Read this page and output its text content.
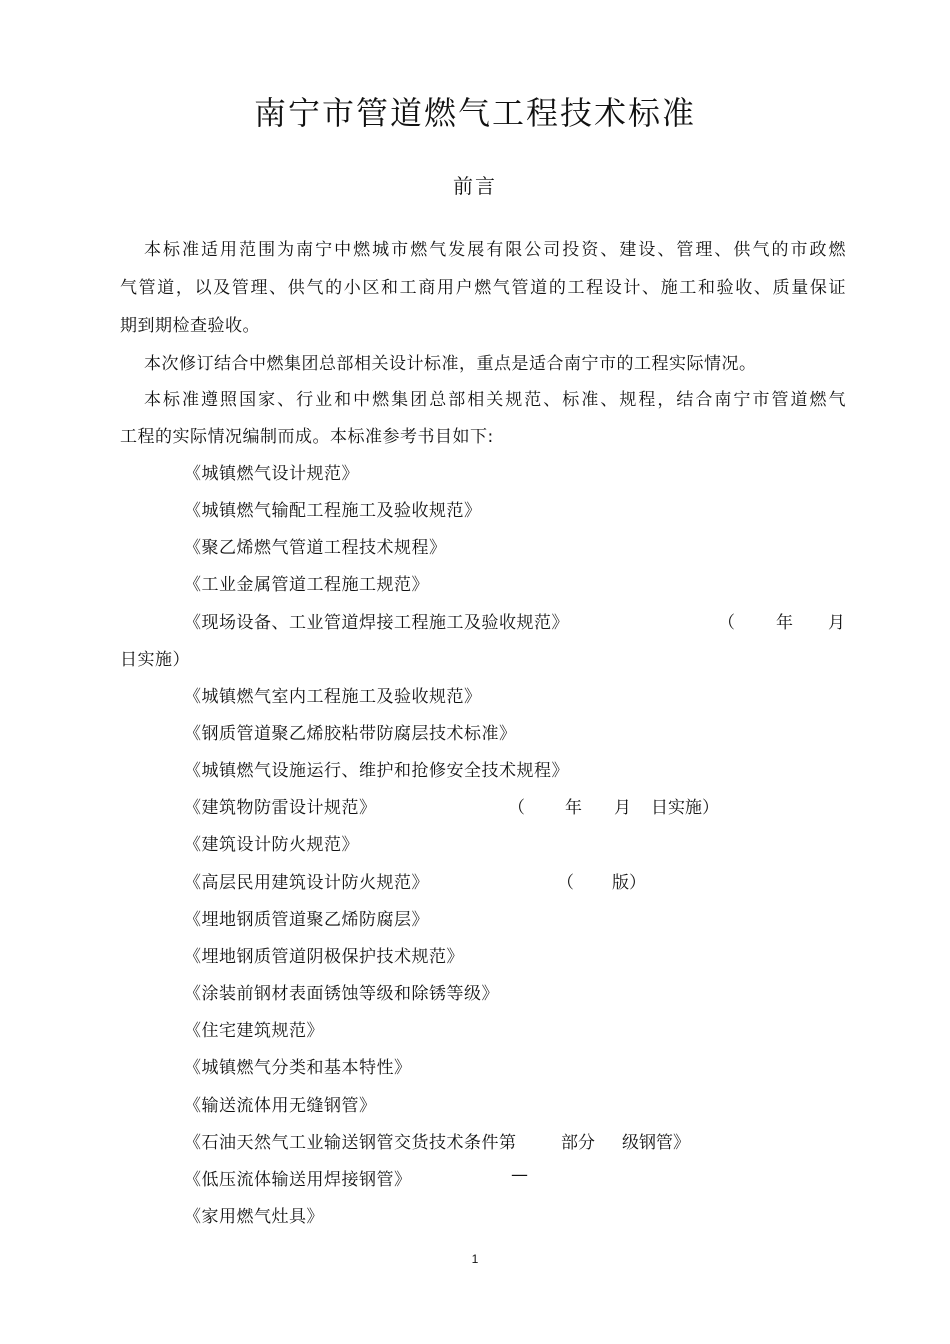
南宁市管道燃气工程技术标准
前言
本标准适用范围为南宁中燃城市燃气发展有限公司投资、建设、管理、供气的市政燃
气管道，以及管理、供气的小区和工商用户燃气管道的工程设计、施工和验收、质量保证
期到期检查验收。
本次修订结合中燃集团总部相关设计标准，重点是适合南宁市的工程实际情况。
本标准遵照国家、行业和中燃集团总部相关规范、标准、规程，结合南宁市管道燃气
工程的实际情况编制而成。本标准参考书目如下:
《城镇燃气设计规范》
《城镇燃气输配工程施工及验收规范》
《聚乙烯燃气管道工程技术规程》
《工业金属管道工程施工规范》
《现场设备、工业管道焊接工程施工及验收规范》	（ 年 月
日实施）
《城镇燃气室内工程施工及验收规范》
《钢质管道聚乙烯胶粘带防腐层技术标准》
《城镇燃气设施运行、维护和抢修安全技术规程》
《建筑物防雷设计规范》	（ 年 月 日实施）
《建筑设计防火规范》
《高层民用建筑设计防火规范》	（ 版）
《埋地钢质管道聚乙烯防腐层》
《埋地钢质管道阴极保护技术规范》
《涂装前钢材表面锈蚀等级和除锈等级》
《住宅建筑规范》
《城镇燃气分类和基本特性》
《输送流体用无缝钢管》
《石油天然气工业输送钢管交货技术条件第	部分 级钢管》
《低压流体输送用焊接钢管》	—
《家用燃气灶具》
1
